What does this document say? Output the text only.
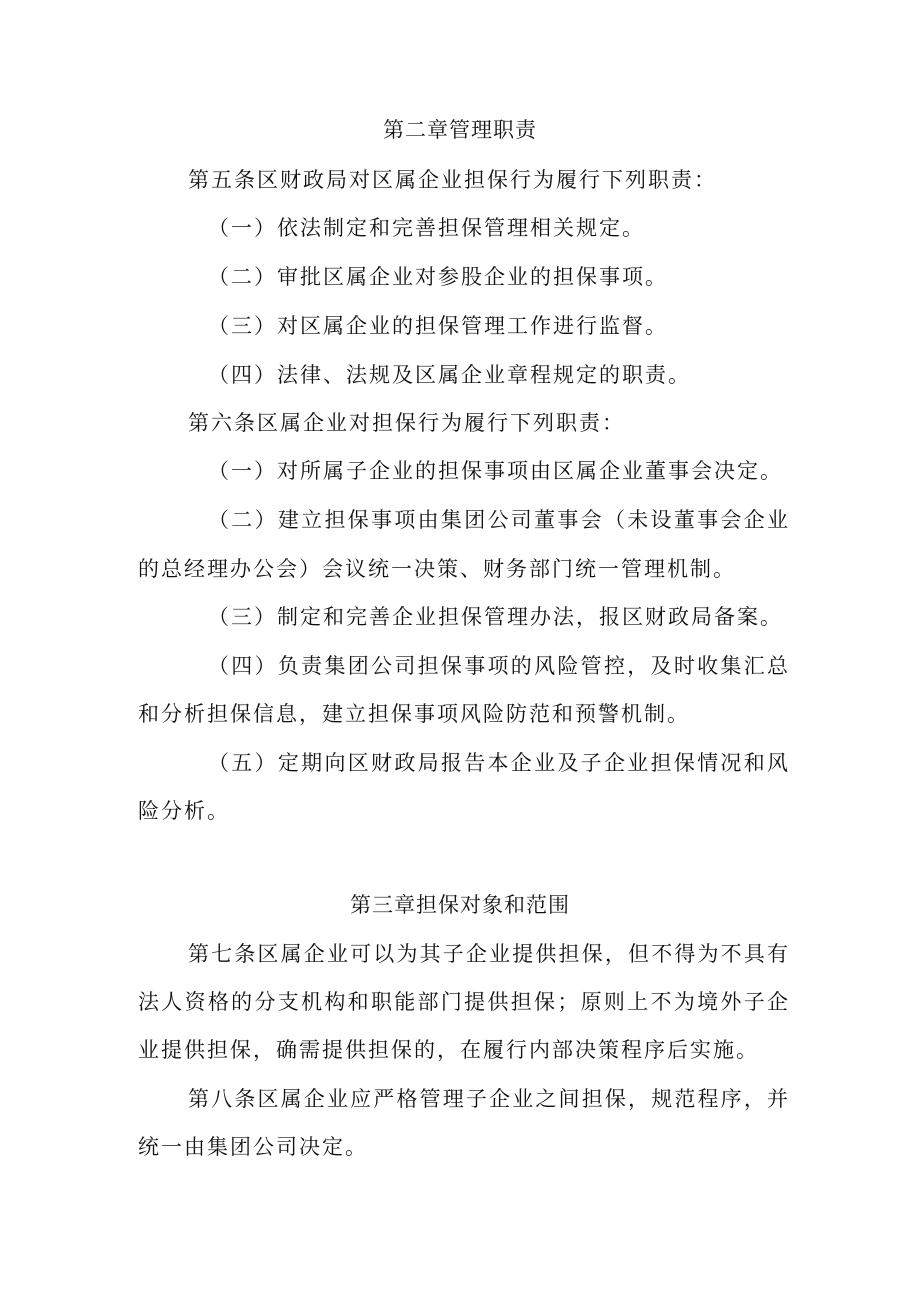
第二章管理职责
第五条区财政局对区属企业担保行为履行下列职责：
（一）依法制定和完善担保管理相关规定。
（二）审批区属企业对参股企业的担保事项。
（三）对区属企业的担保管理工作进行监督。
（四）法律、法规及区属企业章程规定的职责。
第六条区属企业对担保行为履行下列职责：
（一）对所属子企业的担保事项由区属企业董事会决定。
（二）建立担保事项由集团公司董事会（未设董事会企业
的总经理办公会）会议统一决策、财务部门统一管理机制。
（三）制定和完善企业担保管理办法，报区财政局备案。
（四）负责集团公司担保事项的风险管控，及时收集汇总
和分析担保信息，建立担保事项风险防范和预警机制。
（五）定期向区财政局报告本企业及子企业担保情况和风
险分析。
第三章担保对象和范围
第七条区属企业可以为其子企业提供担保，但不得为不具有
法人资格的分支机构和职能部门提供担保；原则上不为境外子企
业提供担保，确需提供担保的，在履行内部决策程序后实施。
第八条区属企业应严格管理子企业之间担保，规范程序，并
统一由集团公司决定。
